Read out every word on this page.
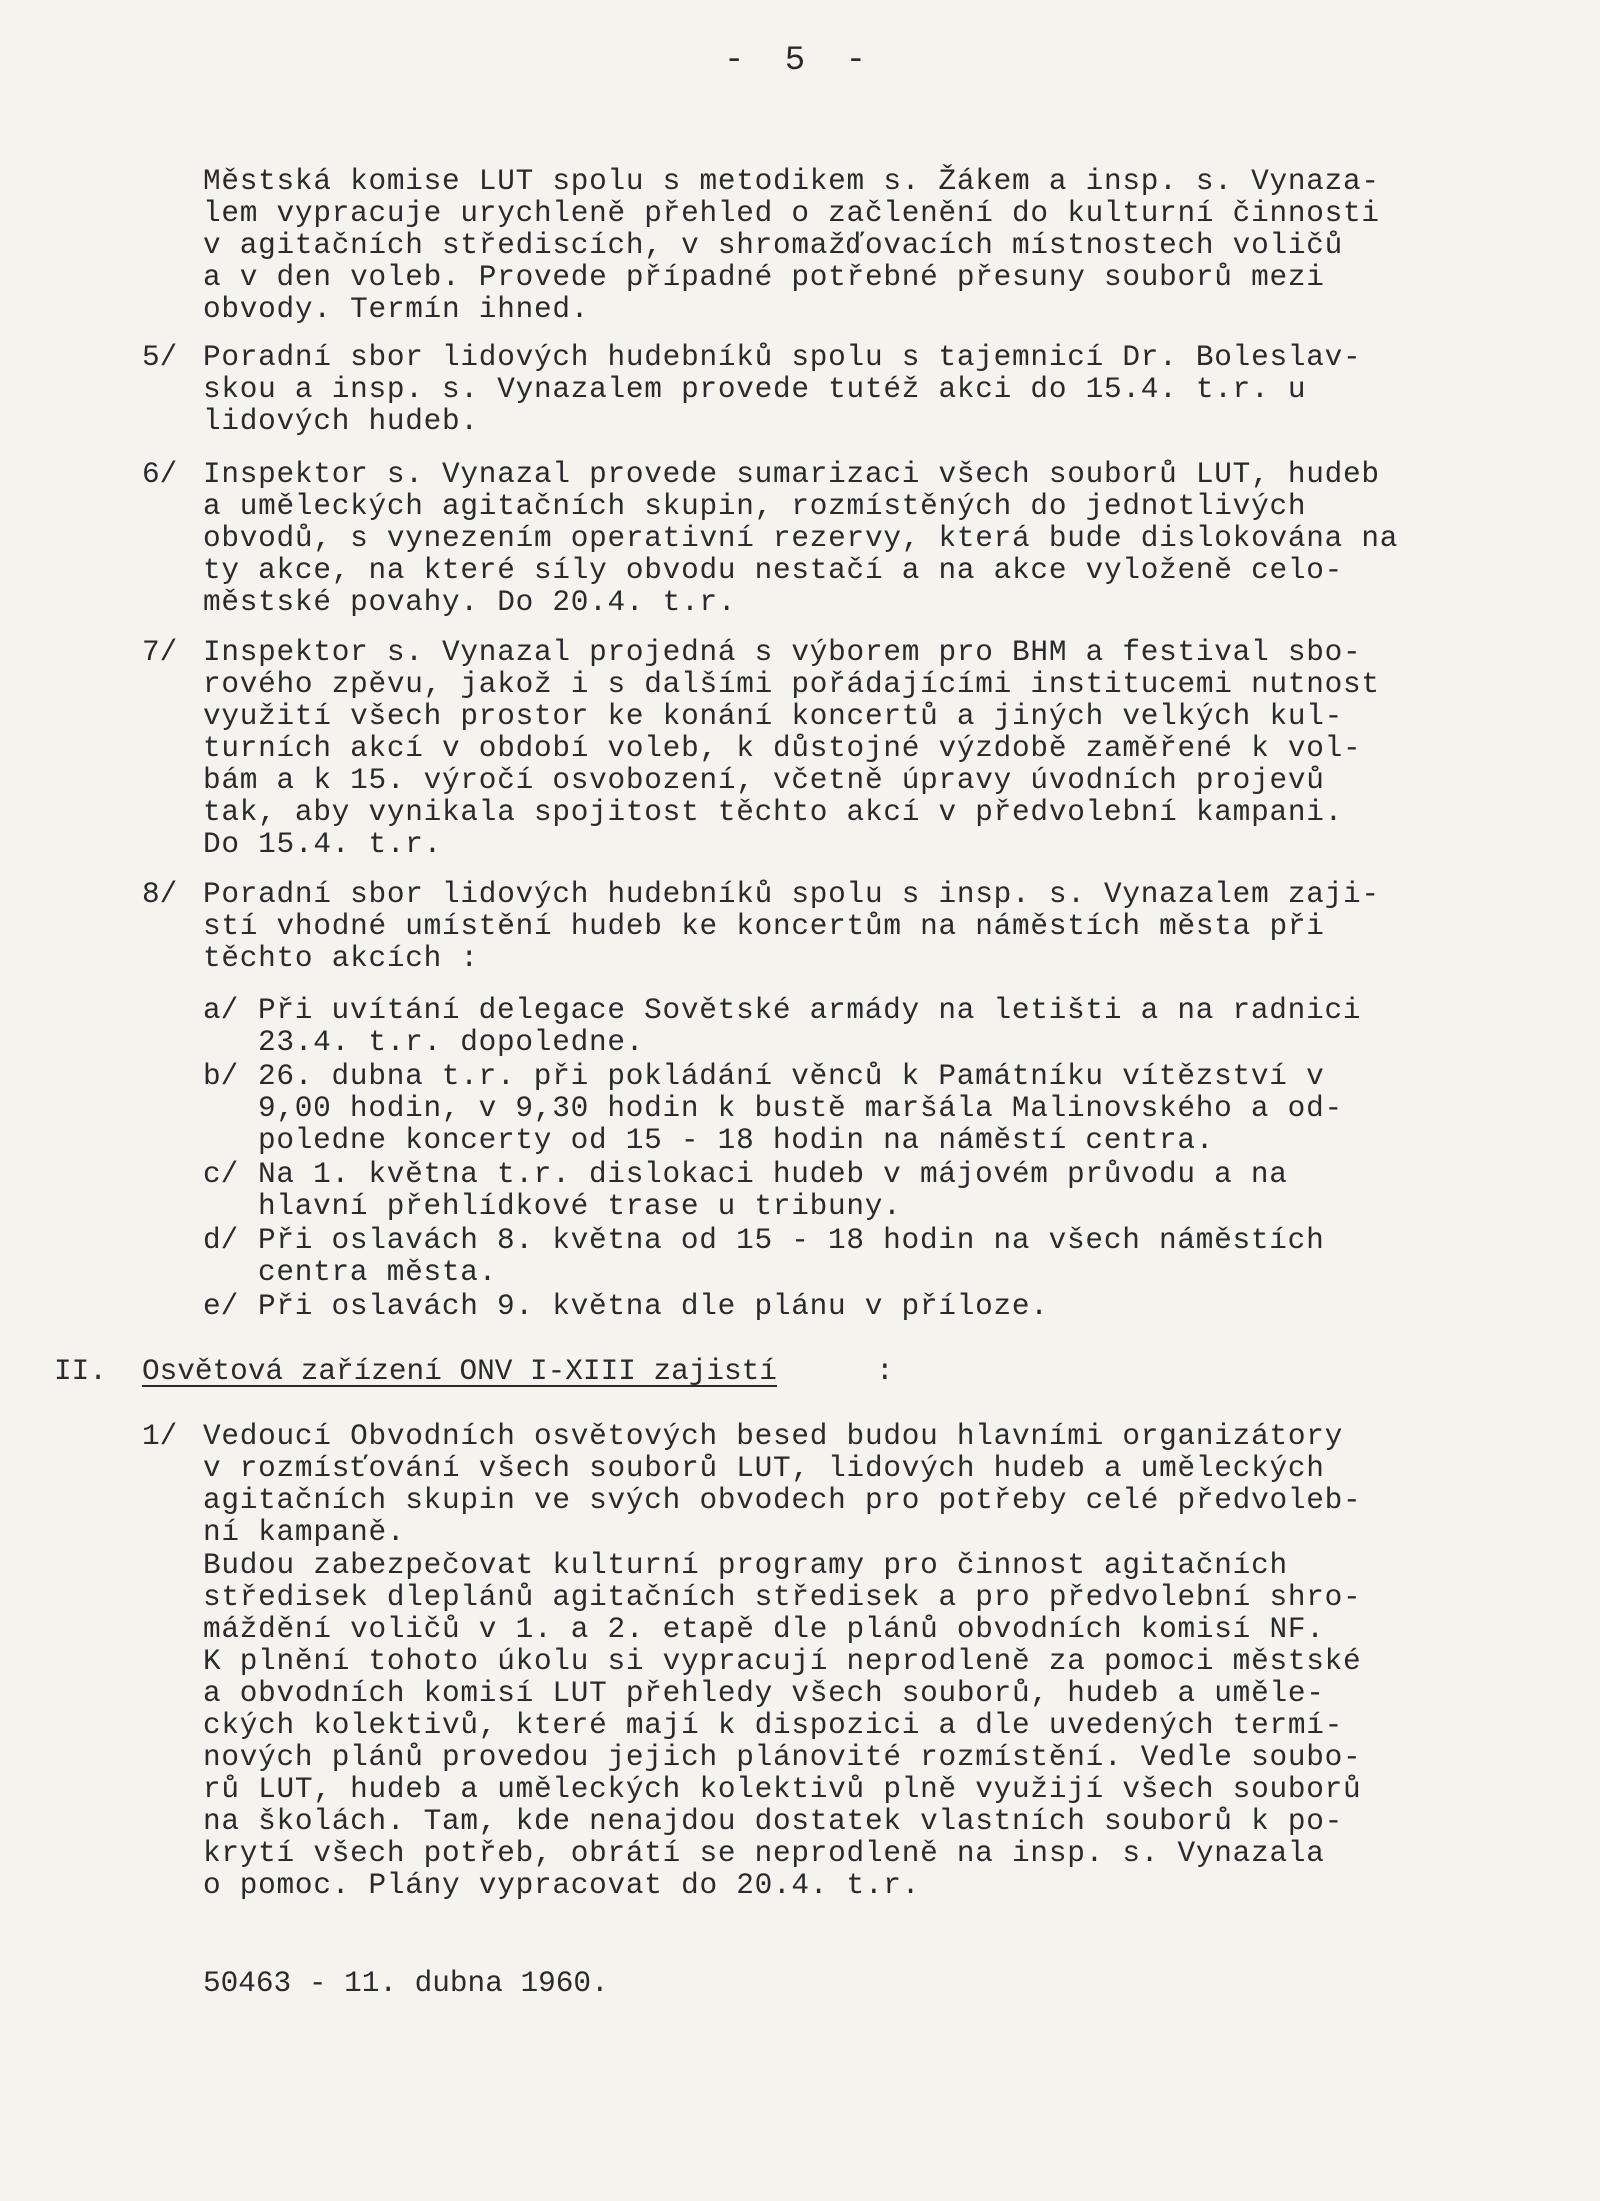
- 5 -
Městská komise LUT spolu s metodikem s. Žákem a insp. s. Vynaza-
lem vypracuje urychleně přehled o začlenění do kulturní činnosti
v agitačních střediscích, v shromažďovacích místnostech voličů
a v den voleb. Provede případné potřebné přesuny souborů mezi
obvody. Termín ihned.
5/ Poradní sbor lidových hudebníků spolu s tajemnicí Dr. Boleslav-
skou a insp. s. Vynazalem provede tutéž akci do 15.4. t.r. u
lidových hudeb.
6/ Inspektor s. Vynazal provede sumarizaci všech souborů LUT, hudeb
a uměleckých agitačních skupin, rozmístěných do jednotlivých
obvodů, s vynezením operativní rezervy, která bude dislokována na
ty akce, na které síly obvodu nestačí a na akce vyloženě celo-
městské povahy. Do 20.4. t.r.
7/ Inspektor s. Vynazal projedná s výborem pro BHM a festival sbo-
rového zpěvu, jakož i s dalšími pořádajícími institucemi nutnost
využití všech prostor ke konání koncertů a jiných velkých kul-
turních akcí v období voleb, k důstojné výzdobě zaměřené k vol-
bám a k 15. výročí osvobození, včetně úpravy úvodních projevů
tak, aby vynikala spojitost těchto akcí v předvolební kampani.
Do 15.4. t.r.
8/ Poradní sbor lidových hudebníků spolu s insp. s. Vynazalem zaji-
stí vhodné umístění hudeb ke koncertům na náměstích města při
těchto akcích :
a/ Při uvítání delegace Sovětské armády na letišti a na radnici
23.4. t.r. dopoledne.
b/ 26. dubna t.r. při pokládání věnců k Památníku vítězství v
9,00 hodin, v 9,30 hodin k bustě maršála Malinovského a od-
poledne koncerty od 15 - 18 hodin na náměstí centra.
c/ Na 1. května t.r. dislokaci hudeb v májovém průvodu a na
hlavní přehlídkové trase u tribuny.
d/ Při oslavách 8. května od 15 - 18 hodin na všech náměstích
centra města.
e/ Při oslavách 9. května dle plánu v příloze.
II. Osvětová zařízení ONV I-XIII zajistí	:
1/ Vedoucí Obvodních osvětových besed budou hlavními organizátory
v rozmísťování všech souborů LUT, lidových hudeb a uměleckých
agitačních skupin ve svých obvodech pro potřeby celé předvoleb-
ní kampaně.
Budou zabezpečovat kulturní programy pro činnost agitačních
středisek dleplánů agitačních středisek a pro předvolební shro-
máždění voličů v 1. a 2. etapě dle plánů obvodních komisí NF.
K plnění tohoto úkolu si vypracují neprodleně za pomoci městské
a obvodních komisí LUT přehledy všech souborů, hudeb a uměle-
ckých kolektivů, které mají k dispozici a dle uvedených termí-
nových plánů provedou jejich plánovité rozmístění. Vedle soubo-
rů LUT, hudeb a uměleckých kolektivů plně využijí všech souborů
na školách. Tam, kde nenajdou dostatek vlastních souborů k po-
krytí všech potřeb, obrátí se neprodleně na insp. s. Vynazala
o pomoc. Plány vypracovat do 20.4. t.r.
50463 - 11. dubna 1960.
